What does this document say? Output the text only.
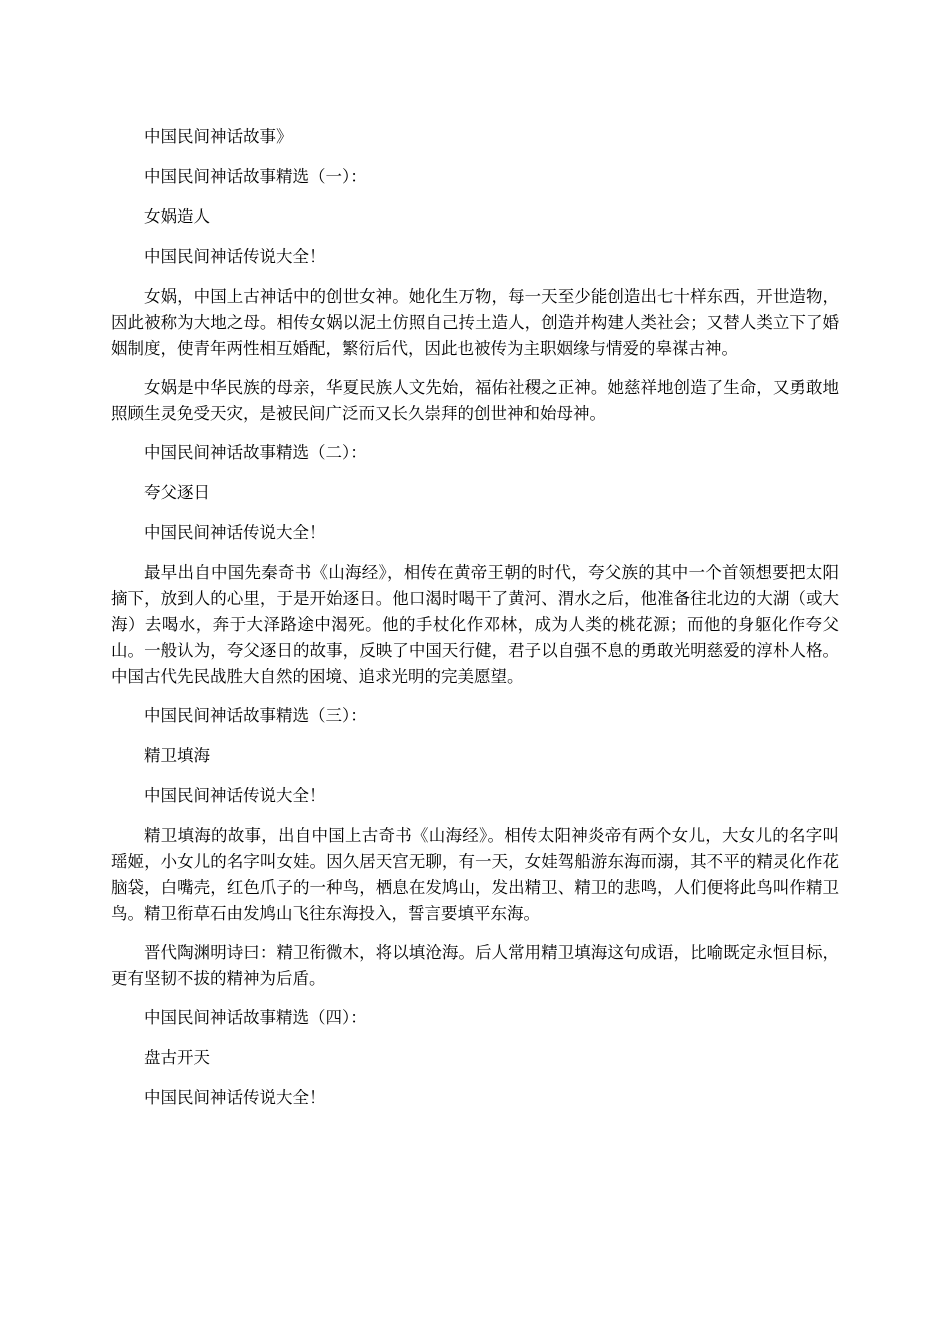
中国民间神话故事》

中国民间神话故事精选（一）：

女娲造人

中国民间神话传说大全！

女娲，中国上古神话中的创世女神。她化生万物，每一天至少能创造出七十样东西，开世造物，因此被称为大地之母。相传女娲以泥土仿照自己抟土造人，创造并构建人类社会；又替人类立下了婚姻制度，使青年两性相互婚配，繁衍后代，因此也被传为主职姻缘与情爱的皋禖古神。

女娲是中华民族的母亲，华夏民族人文先始，福佑社稷之正神。她慈祥地创造了生命，又勇敢地照顾生灵免受天灾，是被民间广泛而又长久崇拜的创世神和始母神。

中国民间神话故事精选（二）：

夸父逐日

中国民间神话传说大全！

最早出自中国先秦奇书《山海经》，相传在黄帝王朝的时代，夸父族的其中一个首领想要把太阳摘下，放到人的心里，于是开始逐日。他口渴时喝干了黄河、渭水之后，他准备往北边的大湖（或大海）去喝水，奔于大泽路途中渴死。他的手杖化作邓林，成为人类的桃花源；而他的身躯化作夸父山。一般认为，夸父逐日的故事，反映了中国天行健，君子以自强不息的勇敢光明慈爱的淳朴人格。中国古代先民战胜大自然的困境、追求光明的完美愿望。

中国民间神话故事精选（三）：

精卫填海

中国民间神话传说大全！

精卫填海的故事，出自中国上古奇书《山海经》。相传太阳神炎帝有两个女儿，大女儿的名字叫瑶姬，小女儿的名字叫女娃。因久居天宫无聊，有一天，女娃驾船游东海而溺，其不平的精灵化作花脑袋，白嘴壳，红色爪子的一种鸟，栖息在发鸠山，发出精卫、精卫的悲鸣，人们便将此鸟叫作精卫鸟。精卫衔草石由发鸠山飞往东海投入，誓言要填平东海。

晋代陶渊明诗曰：精卫衔微木，将以填沧海。后人常用精卫填海这句成语，比喻既定永恒目标，更有坚韧不拔的精神为后盾。

中国民间神话故事精选（四）：

盘古开天

中国民间神话传说大全！
